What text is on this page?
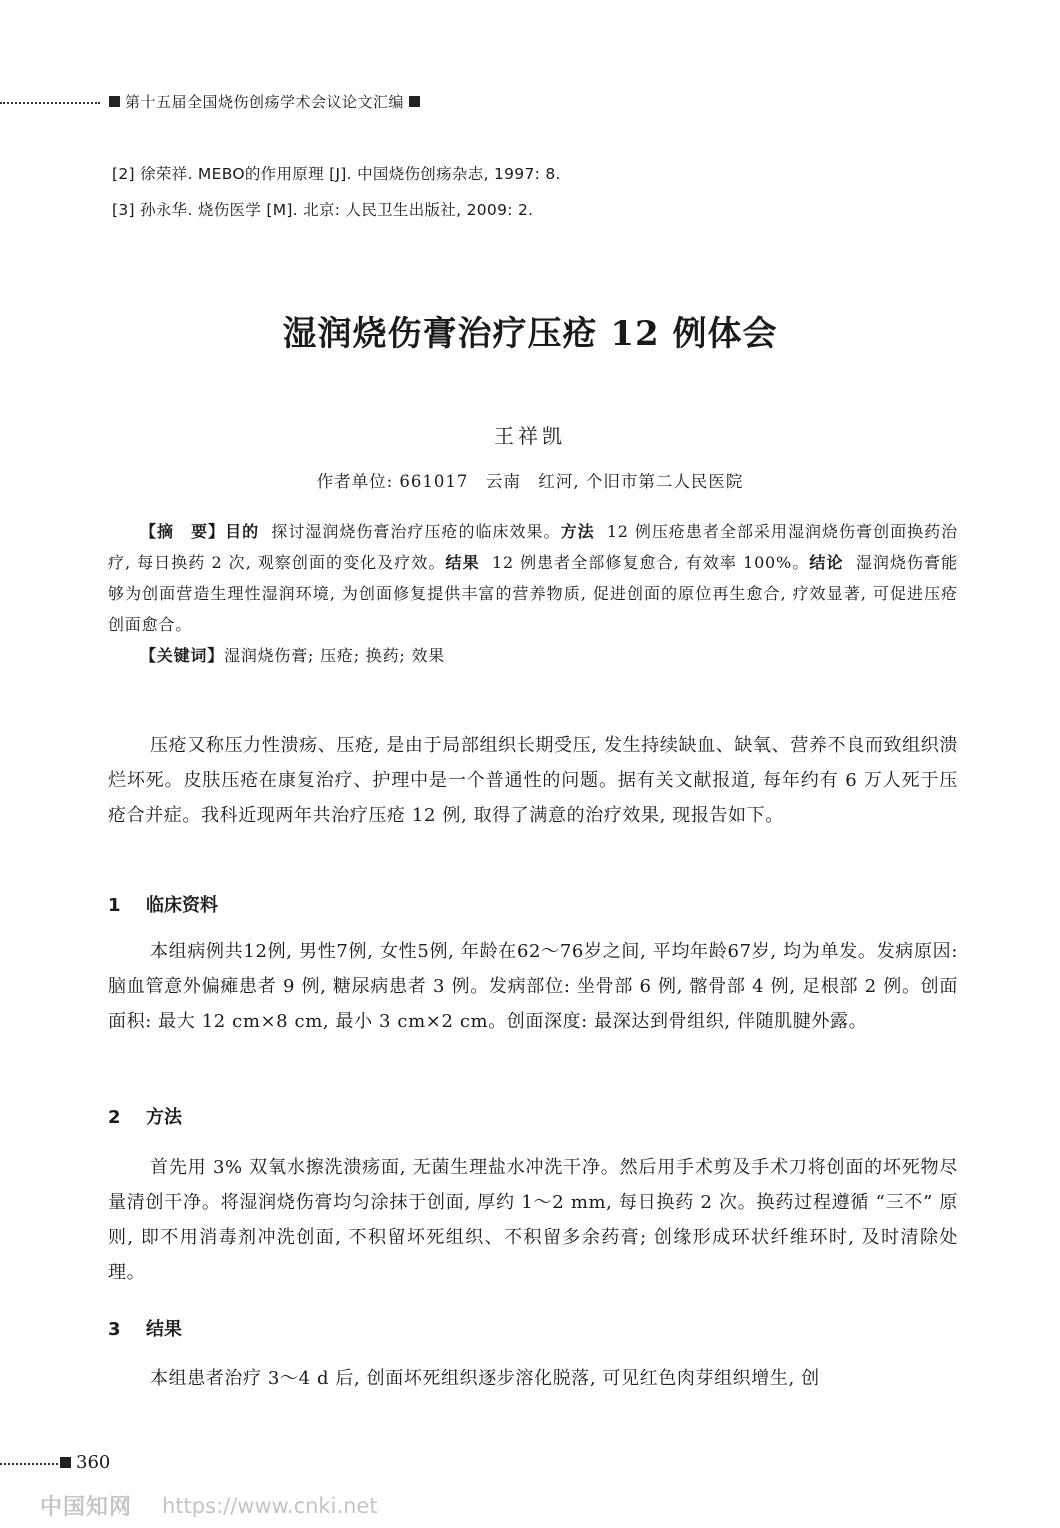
第十五届全国烧伤创疡学术会议论文汇编
[2] 徐荣祥. MEBO的作用原理 [J]. 中国烧伤创疡杂志, 1997: 8.
[3] 孙永华. 烧伤医学 [M]. 北京: 人民卫生出版社, 2009: 2.
湿润烧伤膏治疗压疮 12 例体会
王祥凯
作者单位: 661017　云南　红河, 个旧市第二人民医院

【摘　要】目的 探讨湿润烧伤膏治疗压疮的临床效果。方法 12 例压疮患者全部采用湿润烧伤膏创面换药治疗, 每日换药 2 次, 观察创面的变化及疗效。结果 12 例患者全部修复愈合, 有效率 100%。结论 湿润烧伤膏能够为创面营造生理性湿润环境, 为创面修复提供丰富的营养物质, 促进创面的原位再生愈合, 疗效显著, 可促进压疮创面愈合。

【关键词】湿润烧伤膏; 压疮; 换药; 效果

压疮又称压力性溃疡、压疮, 是由于局部组织长期受压, 发生持续缺血、缺氧、营养不良而致组织溃烂坏死。皮肤压疮在康复治疗、护理中是一个普通性的问题。据有关文献报道, 每年约有 6 万人死于压疮合并症。我科近现两年共治疗压疮 12 例, 取得了满意的治疗效果, 现报告如下。

1 临床资料

本组病例共12例, 男性7例, 女性5例, 年龄在62～76岁之间, 平均年龄67岁, 均为单发。发病原因: 脑血管意外偏瘫患者 9 例, 糖尿病患者 3 例。发病部位: 坐骨部 6 例, 髂骨部 4 例, 足根部 2 例。创面面积: 最大 12 cm×8 cm, 最小 3 cm×2 cm。创面深度: 最深达到骨组织, 伴随肌腱外露。

2 方法

首先用 3% 双氧水擦洗溃疡面, 无菌生理盐水冲洗干净。然后用手术剪及手术刀将创面的坏死物尽量清创干净。将湿润烧伤膏均匀涂抹于创面, 厚约 1～2 mm, 每日换药 2 次。换药过程遵循 “三不” 原则, 即不用消毒剂冲洗创面, 不积留坏死组织、不积留多余药膏; 创缘形成环状纤维环时, 及时清除处理。

3 结果

本组患者治疗 3～4 d 后, 创面坏死组织逐步溶化脱落, 可见红色肉芽组织增生, 创

360
中国知网 https://www.cnki.net
